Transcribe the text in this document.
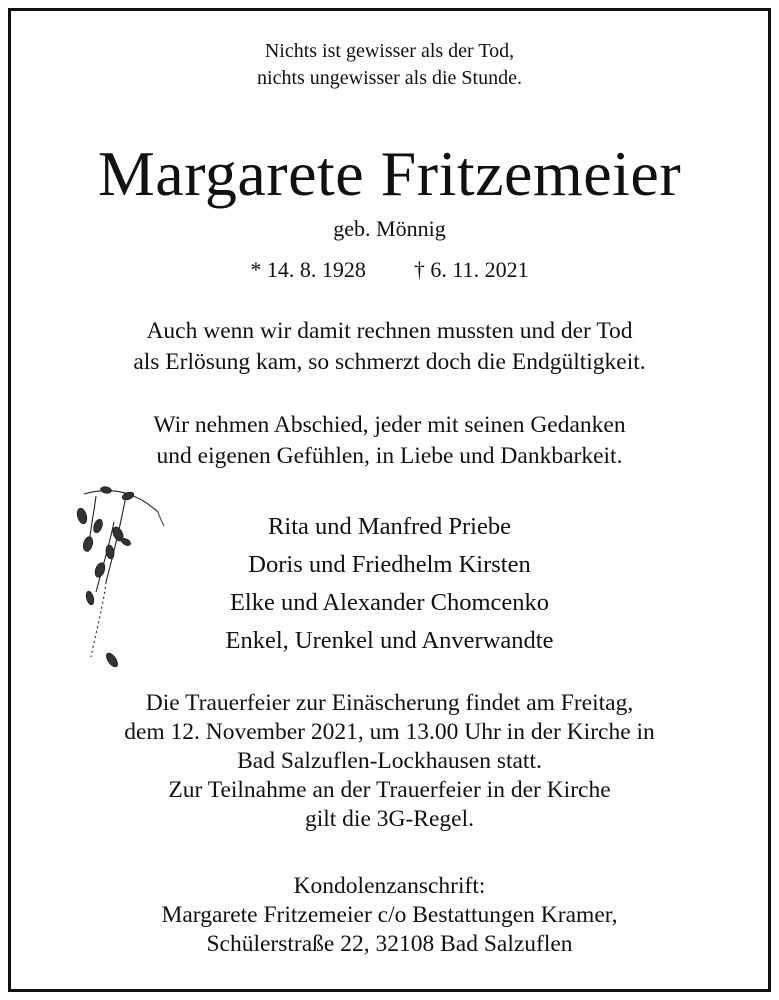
Nichts ist gewisser als der Tod,
nichts ungewisser als die Stunde.
Margarete Fritzemeier
geb. Mönnig
* 14. 8. 1928 † 6. 11. 2021
Auch wenn wir damit rechnen mussten und der Tod
als Erlösung kam, so schmerzt doch die Endgültigkeit.
Wir nehmen Abschied, jeder mit seinen Gedanken
und eigenen Gefühlen, in Liebe und Dankbarkeit.
Rita und Manfred Priebe
Doris und Friedhelm Kirsten
Elke und Alexander Chomcenko
Enkel, Urenkel und Anverwandte
Die Trauerfeier zur Einäscherung findet am Freitag,
dem 12. November 2021, um 13.00 Uhr in der Kirche in
Bad Salzuflen-Lockhausen statt.
Zur Teilnahme an der Trauerfeier in der Kirche
gilt die 3G-Regel.
Kondolenzanschrift:
Margarete Fritzemeier c/o Bestattungen Kramer,
Schülerstraße 22, 32108 Bad Salzuflen
